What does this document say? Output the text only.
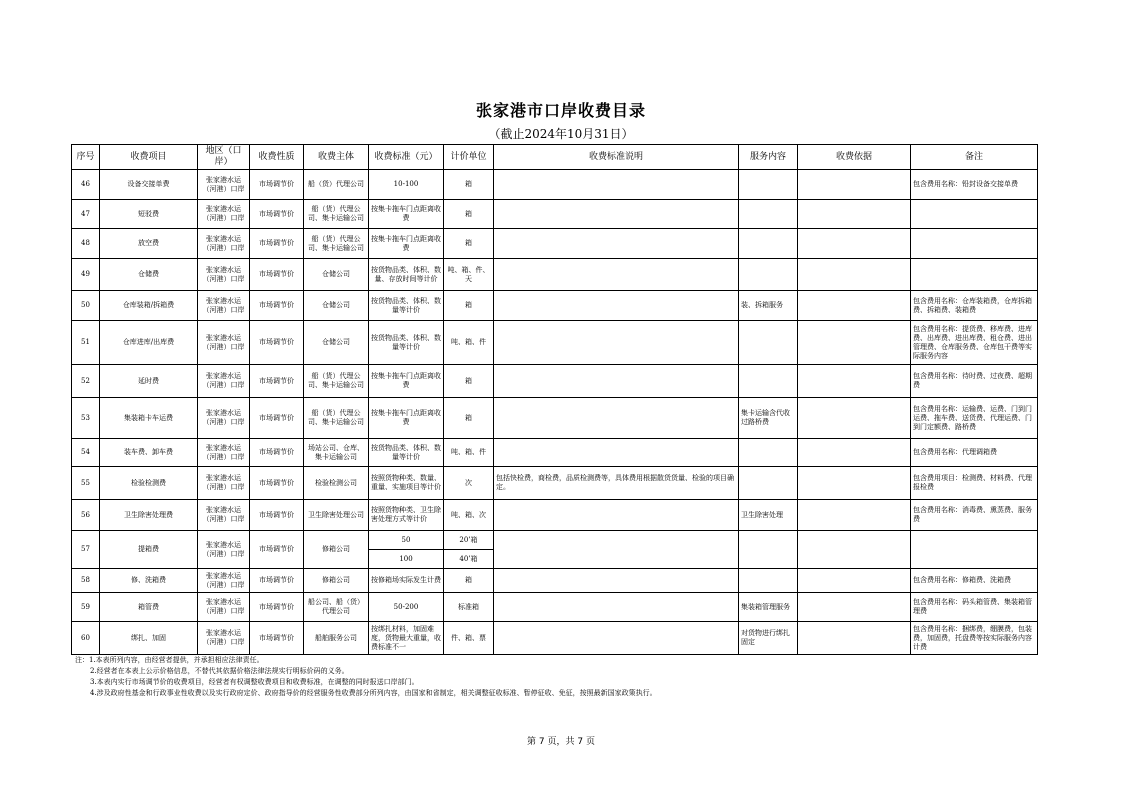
张家港市口岸收费目录
（截止2024年10月31日）
序号	收费项目	地区（口岸）	收费性质	收费主体	收费标准（元）	计价单位	收费标准说明	服务内容	收费依据	备注
46	设备交接单费	张家港水运（河港）口岸	市场调节价	船（货）代理公司	10-100	箱				包含费用名称：铅封设备交接单费
47	短驳费	张家港水运（河港）口岸	市场调节价	船（货）代理公司、集卡运输公司	按集卡拖车门点距离收费	箱				
48	放空费	张家港水运（河港）口岸	市场调节价	船（货）代理公司、集卡运输公司	按集卡拖车门点距离收费	箱				
49	仓储费	张家港水运（河港）口岸	市场调节价	仓储公司	按货物品类、体积、数量、存放时间等计价	吨、箱、件、天				
50	仓库装箱/拆箱费	张家港水运（河港）口岸	市场调节价	仓储公司	按货物品类、体积、数量等计价	箱		装、拆箱服务		包含费用名称：仓库装箱费，仓库拆箱费、拆箱费、装箱费
51	仓库进库/出库费	张家港水运（河港）口岸	市场调节价	仓储公司	按货物品类、体积、数量等计价	吨、箱、件				包含费用名称：提货费、移库费、进库费、出库费、进出库费、租仓费、进出管理费、仓库服务费、仓库包干费等实际服务内容
52	延时费	张家港水运（河港）口岸	市场调节价	船（货）代理公司、集卡运输公司	按集卡拖车门点距离收费	箱				包含费用名称：待时费、过夜费、超期费
53	集装箱卡车运费	张家港水运（河港）口岸	市场调节价	船（货）代理公司、集卡运输公司	按集卡拖车门点距离收费	箱		集卡运输含代收过路桥费		包含费用名称：运输费、运费、门到门运费、拖车费、送货费、代理运费、门到门定额费、路桥费
54	装车费、卸车费	张家港水运（河港）口岸	市场调节价	场站公司、仓库、集卡运输公司	按货物品类、体积、数量等计价	吨、箱、件				包含费用名称：代理调箱费
55	检验检测费	张家港水运（河港）口岸	市场调节价	检验检测公司	按照货物种类、数量、重量、实施项目等计价	次	包括快检费，商检费，品质检测费等，具体费用根据散货货量、检验的项目确定。			包含费用项目：检测费、材料费、代理报检费
56	卫生除害处理费	张家港水运（河港）口岸	市场调节价	卫生除害处理公司	按照货物种类、卫生除害处理方式等计价	吨、箱、次		卫生除害处理		包含费用名称：消毒费、熏蒸费、服务费
57	提箱费	张家港水运（河港）口岸	市场调节价	修箱公司	50	20’箱				
					100	40’箱				
58	修、洗箱费	张家港水运（河港）口岸	市场调节价	修箱公司	按修箱场实际发生计费	箱				包含费用名称：修箱费、洗箱费
59	箱管费	张家港水运（河港）口岸	市场调节价	船公司、船（货）代理公司	50-200	标准箱		集装箱管理服务		包含费用名称：码头箱管费、集装箱管理费
60	绑扎、加固	张家港水运（河港）口岸	市场调节价	船舶服务公司	按绑扎材料，加固难度，货物最大重量，收费标准不一	件、箱、票		对货物进行绑扎固定		包含费用名称：捆绑费，绷膜费，包装费，加固费，托盘费等按实际服务内容计费
注：1.本表所列内容，由经营者提供，并承担相应法律责任。
2.经营者在本表上公示价格信息，不替代其依据价格法律法规实行明标价码的义务。
3.本表内实行市场调节价的收费项目，经营者有权调整收费项目和收费标准，在调整的同时报送口岸部门。
4.涉及政府性基金和行政事业性收费以及实行政府定价、政府指导价的经营服务性收费部分所列内容，由国家和省制定，相关调整征收标准、暂停征收、免征，按照最新国家政策执行。
第 7 页，共 7 页
